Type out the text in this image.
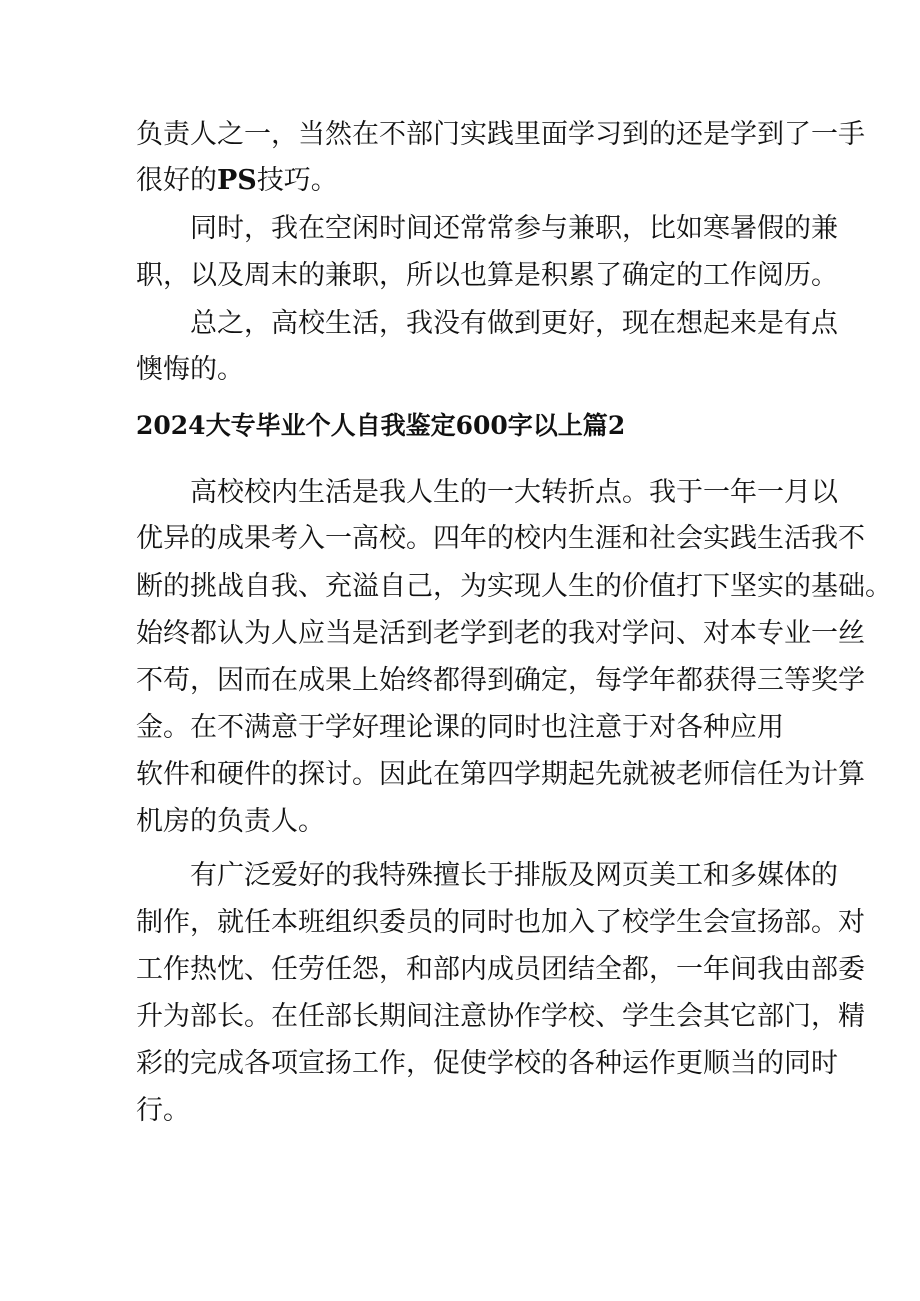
负责人之一，当然在不部门实践里面学习到的还是学到了一手
很好的PS技巧。
同时，我在空闲时间还常常参与兼职，比如寒暑假的兼
职，以及周末的兼职，所以也算是积累了确定的工作阅历。
总之，高校生活，我没有做到更好，现在想起来是有点
懊悔的。
2024大专毕业个人自我鉴定600字以上篇2
高校校内生活是我人生的一大转折点。我于一年一月以
优异的成果考入一高校。四年的校内生涯和社会实践生活我不
断的挑战自我、充溢自己，为实现人生的价值打下坚实的基础。
始终都认为人应当是活到老学到老的我对学问、对本专业一丝
不苟，因而在成果上始终都得到确定，每学年都获得三等奖学
金。在不满意于学好理论课的同时也注意于对各种应用
软件和硬件的探讨。因此在第四学期起先就被老师信任为计算
机房的负责人。
有广泛爱好的我特殊擅长于排版及网页美工和多媒体的
制作，就任本班组织委员的同时也加入了校学生会宣扬部。对
工作热忱、任劳任怨，和部内成员团结全都，一年间我由部委
升为部长。在任部长期间注意协作学校、学生会其它部门，精
彩的完成各项宣扬工作，促使学校的各种运作更顺当的同时
行。
